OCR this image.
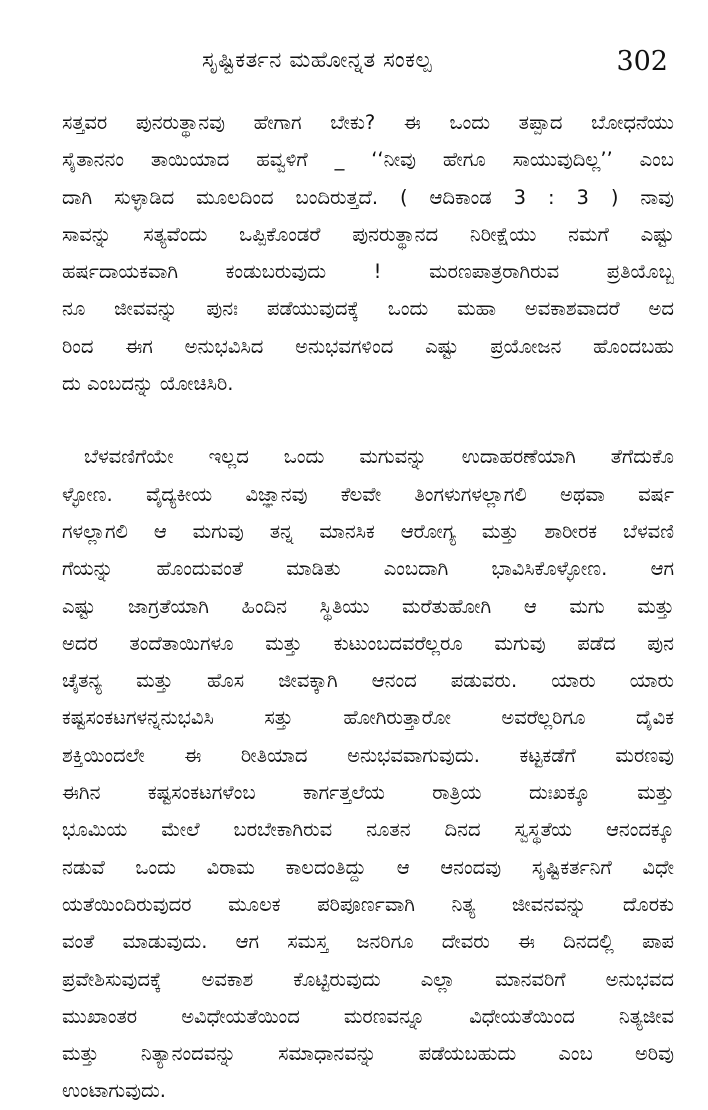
ಸೃಷ್ಟಿಕರ್ತನ ಮಹೋನ್ನತ ಸಂಕಲ್ಪ	302

ಸತ್ತವರ ಪುನರುತ್ಥಾನವು ಹೇಗಾಗ ಬೇಕು? ಈ ಒಂದು ತಪ್ಪಾದ ಬೋಧನೆಯು
ಸೈತಾನನಂ ತಾಯಿಯಾದ ಹವ್ವಳಿಗೆ _ ‘‘ನೀವು ಹೇಗೂ ಸಾಯುವುದಿಲ್ಲ’’ ಎಂಬ
ದಾಗಿ ಸುಳ್ಳಾಡಿದ ಮೂಲದಿಂದ ಬಂದಿರುತ್ತದೆ. ( ಆದಿಕಾಂಡ 3 : 3 ) ನಾವು
ಸಾವನ್ನು ಸತ್ಯವೆಂದು ಒಪ್ಪಿಕೊಂಡರೆ ಪುನರುತ್ಥಾನದ ನಿರೀಕ್ಷೆಯು ನಮಗೆ ಎಷ್ಟು
ಹರ್ಷದಾಯಕವಾಗಿ ಕಂಡುಬರುವುದು ! ಮರಣಪಾತ್ರರಾಗಿರುವ ಪ್ರತಿಯೊಬ್ಬ
ನೂ ಜೀವವನ್ನು ಪುನಃ ಪಡೆಯುವುದಕ್ಕೆ ಒಂದು ಮಹಾ ಅವಕಾಶವಾದರೆ ಅದ
ರಿಂದ ಈಗ ಅನುಭವಿಸಿದ ಅನುಭವಗಳಿಂದ ಎಷ್ಟು ಪ್ರಯೋಜನ ಹೊಂದಬಹು
ದು ಎಂಬದನ್ನು ಯೋಚಿಸಿರಿ.

ಬೆಳವಣಿಗೆಯೇ ಇಲ್ಲದ ಒಂದು ಮಗುವನ್ನು ಉದಾಹರಣೆಯಾಗಿ ತೆಗೆದುಕೊ
ಳ್ಳೋಣ. ವೈದ್ಯಕೀಯ ವಿಜ್ಞಾನವು ಕೆಲವೇ ತಿಂಗಳುಗಳಲ್ಲಾಗಲಿ ಅಥವಾ ವರ್ಷ
ಗಳಲ್ಲಾಗಲಿ ಆ ಮಗುವು ತನ್ನ ಮಾನಸಿಕ ಆರೋಗ್ಯ ಮತ್ತು ಶಾರೀರಕ ಬೆಳವಣಿ
ಗೆಯನ್ನು ಹೊಂದುವಂತೆ ಮಾಡಿತು ಎಂಬದಾಗಿ ಭಾವಿಸಿಕೊಳ್ಳೋಣ. ಆಗ
ಎಷ್ಟು ಜಾಗ್ರತೆಯಾಗಿ ಹಿಂದಿನ ಸ್ಥಿತಿಯು ಮರೆತುಹೋಗಿ ಆ ಮಗು ಮತ್ತು
ಅದರ ತಂದೆತಾಯಿಗಳೂ ಮತ್ತು ಕುಟುಂಬದವರೆಲ್ಲರೂ ಮಗುವು ಪಡೆದ ಪುನ
ಚೈತನ್ಯ ಮತ್ತು ಹೊಸ ಜೀವಕ್ಕಾಗಿ ಆನಂದ ಪಡುವರು. ಯಾರು ಯಾರು
ಕಷ್ಟಸಂಕಟಗಳನ್ನನುಭವಿಸಿ ಸತ್ತು ಹೋಗಿರುತ್ತಾರೋ ಅವರೆಲ್ಲರಿಗೂ ದೈವಿಕ
ಶಕ್ತಿಯಿಂದಲೇ ಈ ರೀತಿಯಾದ ಅನುಭವವಾಗುವುದು. ಕಟ್ಟಕಡೆಗೆ ಮರಣವು
ಈಗಿನ ಕಷ್ಟಸಂಕಟಗಳೆಂಬ ಕಾರ್ಗತ್ತಲೆಯ ರಾತ್ರಿಯ ದುಃಖಕ್ಕೂ ಮತ್ತು
ಭೂಮಿಯ ಮೇಲೆ ಬರಬೇಕಾಗಿರುವ ನೂತನ ದಿನದ ಸ್ವಸ್ಥತೆಯ ಆನಂದಕ್ಕೂ
ನಡುವೆ ಒಂದು ವಿರಾಮ ಕಾಲದಂತಿದ್ದು ಆ ಆನಂದವು ಸೃಷ್ಟಿಕರ್ತನಿಗೆ ವಿಧೇ
ಯತೆಯಿಂದಿರುವುದರ ಮೂಲಕ ಪರಿಪೂರ್ಣವಾಗಿ ನಿತ್ಯ ಜೀವನವನ್ನು ದೊರಕು
ವಂತೆ ಮಾಡುವುದು. ಆಗ ಸಮಸ್ತ ಜನರಿಗೂ ದೇವರು ಈ ದಿನದಲ್ಲಿ ಪಾಪ
ಪ್ರವೇಶಿಸುವುದಕ್ಕೆ ಅವಕಾಶ ಕೊಟ್ಟಿರುವುದು ಎಲ್ಲಾ ಮಾನವರಿಗೆ ಅನುಭವದ
ಮುಖಾಂತರ ಅವಿಧೇಯತೆಯಿಂದ ಮರಣವನ್ನೂ ವಿಧೇಯತೆಯಿಂದ ನಿತ್ಯಜೀವ
ಮತ್ತು ನಿತ್ಯಾನಂದವನ್ನು ಸಮಾಧಾನವನ್ನು ಪಡೆಯಬಹುದು ಎಂಬ ಅರಿವು
ಉಂಟಾಗುವುದು.
